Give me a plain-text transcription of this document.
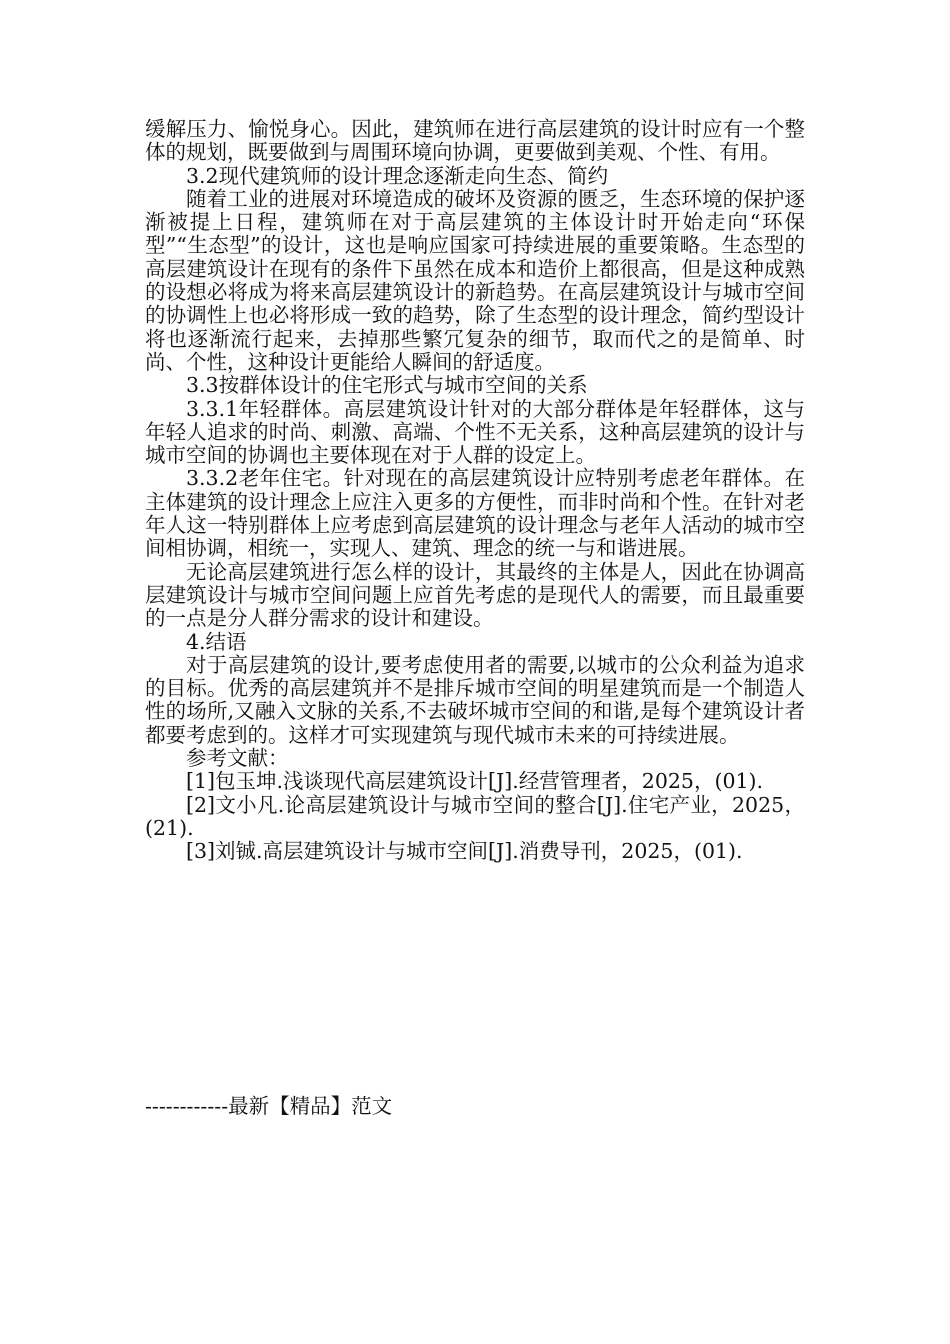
缓解压力、愉悦身心。因此，建筑师在进行高层建筑的设计时应有一个整体的规划，既要做到与周围环境向协调，更要做到美观、个性、有用。

3.2现代建筑师的设计理念逐渐走向生态、简约

随着工业的进展对环境造成的破坏及资源的匮乏，生态环境的保护逐渐被提上日程，建筑师在对于高层建筑的主体设计时开始走向“环保型”“生态型”的设计，这也是响应国家可持续进展的重要策略。生态型的高层建筑设计在现有的条件下虽然在成本和造价上都很高，但是这种成熟的设想必将成为将来高层建筑设计的新趋势。在高层建筑设计与城市空间的协调性上也必将形成一致的趋势，除了生态型的设计理念，简约型设计将也逐渐流行起来，去掉那些繁冗复杂的细节，取而代之的是简单、时尚、个性，这种设计更能给人瞬间的舒适度。

3.3按群体设计的住宅形式与城市空间的关系

3.3.1年轻群体。高层建筑设计针对的大部分群体是年轻群体，这与年轻人追求的时尚、刺激、高端、个性不无关系，这种高层建筑的设计与城市空间的协调也主要体现在对于人群的设定上。

3.3.2老年住宅。针对现在的高层建筑设计应特别考虑老年群体。在主体建筑的设计理念上应注入更多的方便性，而非时尚和个性。在针对老年人这一特别群体上应考虑到高层建筑的设计理念与老年人活动的城市空间相协调，相统一，实现人、建筑、理念的统一与和谐进展。

无论高层建筑进行怎么样的设计，其最终的主体是人，因此在协调高层建筑设计与城市空间问题上应首先考虑的是现代人的需要，而且最重要的一点是分人群分需求的设计和建设。

4.结语

对于高层建筑的设计,要考虑使用者的需要,以城市的公众利益为追求的目标。优秀的高层建筑并不是排斥城市空间的明星建筑而是一个制造人性的场所,又融入文脉的关系,不去破坏城市空间的和谐,是每个建筑设计者都要考虑到的。这样才可实现建筑与现代城市未来的可持续进展。

参考文献：

[1]包玉坤.浅谈现代高层建筑设计[J].经营管理者，2025，(01).

[2]文小凡.论高层建筑设计与城市空间的整合[J].住宅产业，2025，(21).

[3]刘铖.高层建筑设计与城市空间[J].消费导刊，2025，(01).

------------最新【精品】范文
